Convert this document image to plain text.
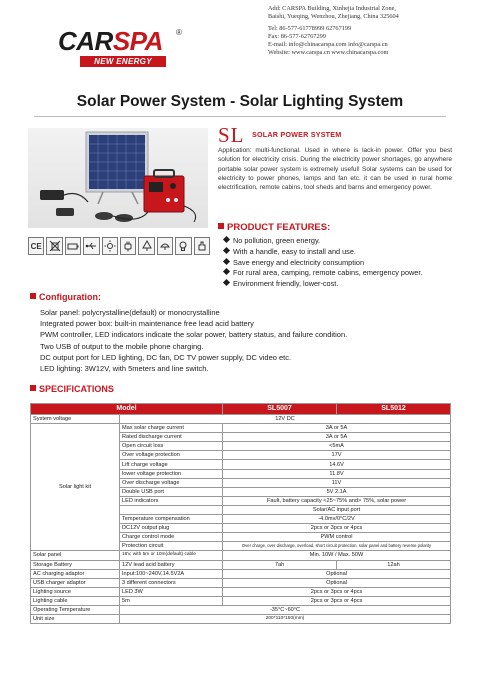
CARSPA ®
NEW ENERGY
Add: CARSPA Building, Xinhejia Industrial Zone,
Baishi, Yueqing, Wenzhou, Zhejiang, China 325604
Tel: 86-577-61778999 62767199
Fax: 86-577-62767299
E-mail: info@chinacarspa.com info@carspa.cn
Website: www.carspa.cn www.chinacarspa.com
Solar Power System - Solar Lighting System
SL SOLAR POWER SYSTEM
Application: multi-functional. Used in where is lack-in power. Offer you best solution for electricity crisis. During the electricity power shortages, go anywhere portable solar power system is extremely useful! Solar systems can be used for electricity to power phones, lamps and fan etc. it can be used in rural home electrification, remote cabins, tool sheds and barns and emergency power.
CE
PRODUCT FEATURES:
No pollution, green energy.
With a handle, easy to install and use.
Save energy and electricity consumption
For rural area, camping, remote cabins, emergency power.
Environment friendly, lower-cost.
Configuration:
Solar panel: polycrystalline(default) or monocrystalline
Integrated power box: built-in maintenance free lead acid battery
PWM controller, LED indicators indicate the solar power, battery status, and failure condition.
Two USB of output to the mobile phone charging.
DC output port for LED lighting, DC fan, DC TV power supply, DC video etc.
LED lighting: 3W12V, with 5meters and line switch.
SPECIFICATIONS
Model		SL5007	SL5012
System voltage	12V DC		
Solar light kit	Max solar charge current	3A or 5A	
	Rated discharge current	3A or 5A	
	Open circuit loss	<5mA	
	Over voltage protection	17V	
	Lift charge voltage	14.6V	
	lower voltage protection	11.8V	
	Over discharge voltage	11V	
	Double USB port	5V 2.1A	
	LED indicators	Fault, battery capacity <25~75% and> 75%, solar power	
		Solar/AC input port	
	Temperature compensation	-4.0mv/0°C/2V	
	DC12V output plug	2pcs or 3pcs or 4pcs	
	Charge control mode	PWM control	
	Protection circuit	Over charge, over discharge, overload, short circuit protection, solar panel and battery reverse polarity	
Solar panel	18V, with 5m or 10m(default) cable	Min. 10W / Max. 50W	
Storage Battery	12V lead acid battery	7ah	12ah
AC charging adaptor	Input:100~240V,14.5V2A	Optional	
USB charger adaptor	3 different connectors	Optional	
Lighting source	LED 3W	2pcs or 3pcs or 4pcs	
Lighting cable	5m	2pcs or 3pcs or 4pcs	
Operating Temperature	-35°C~60°C		
Unit size	200*110*150(mm)		
